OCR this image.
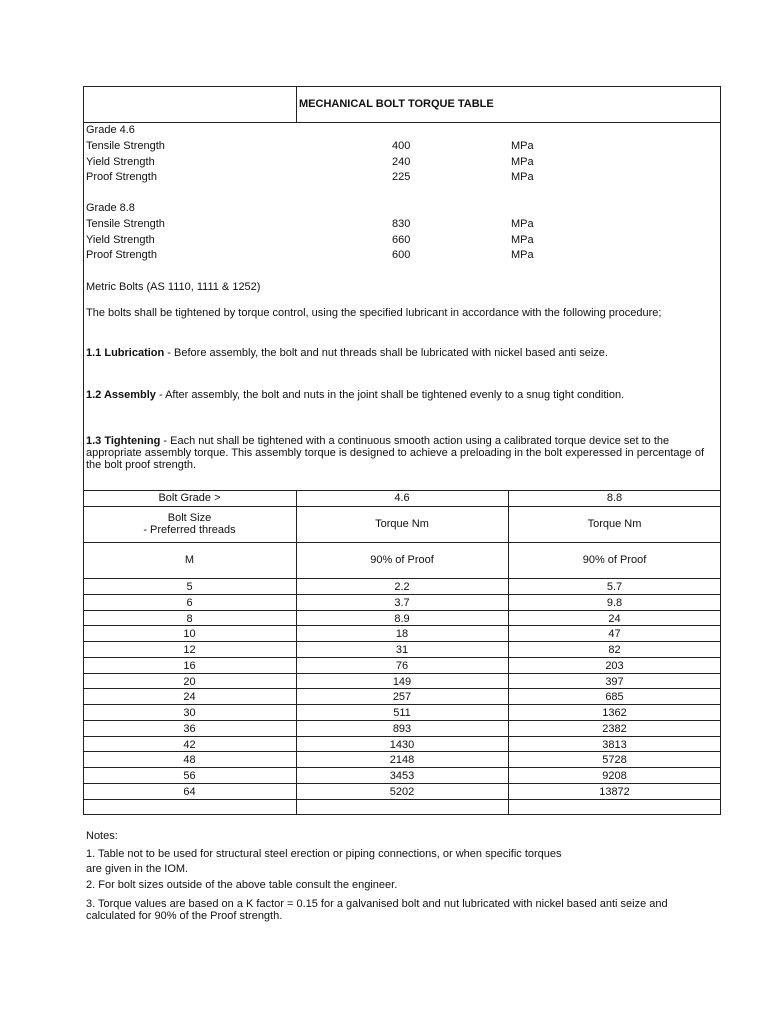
MECHANICAL BOLT TORQUE TABLE
Grade 4.6
Tensile Strength	400	MPa
Yield Strength	240	MPa
Proof Strength	225	MPa
Grade 8.8
Tensile Strength	830	MPa
Yield Strength	660	MPa
Proof Strength	600	MPa
Metric Bolts (AS 1110, 1111 & 1252)
The bolts shall be tightened by torque control, using the specified lubricant in accordance with the following procedure;
1.1 Lubrication - Before assembly, the bolt and nut threads shall be lubricated with nickel based anti seize.
1.2 Assembly - After assembly, the bolt and nuts in the joint shall be tightened evenly to a snug tight condition.
1.3 Tightening - Each nut shall be tightened with a continuous smooth action using a calibrated torque device set to the appropriate assembly torque. This assembly torque is designed to achieve a preloading in the bolt experessed in percentage of the bolt proof strength.
Bolt Grade >	4.6	8.8
Bolt Size
- Preferred threads	Torque Nm	Torque Nm
M	90% of Proof	90% of Proof
5	2.2	5.7
6	3.7	9.8
8	8.9	24
10	18	47
12	31	82
16	76	203
20	149	397
24	257	685
30	511	1362
36	893	2382
42	1430	3813
48	2148	5728
56	3453	9208
64	5202	13872
Notes:
1. Table not to be used for structural steel erection or piping connections, or when specific torques
are given in the IOM.
2. For bolt sizes outside of the above table consult the engineer.
3. Torque values are based on a K factor = 0.15 for a galvanised bolt and nut lubricated with nickel based anti seize and calculated for 90% of the Proof strength.
